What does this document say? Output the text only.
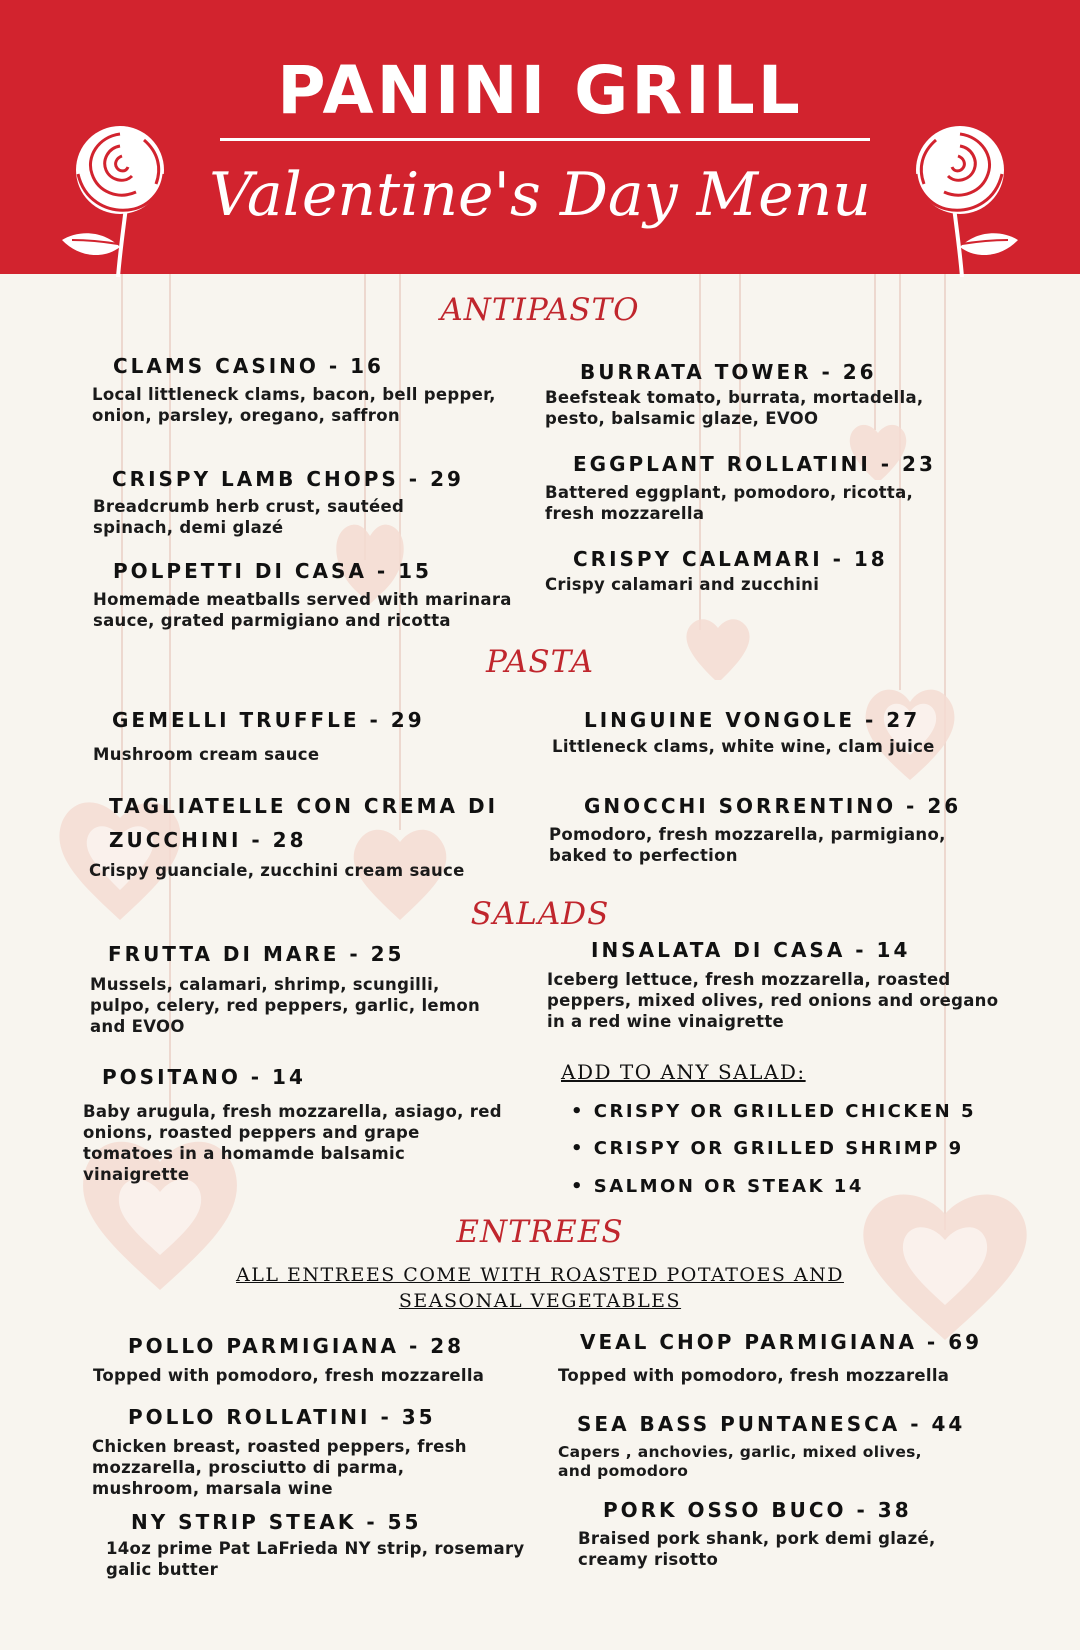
PANINI GRILL
Valentine's Day Menu
ANTIPASTO
CLAMS CASINO - 16
Local littleneck clams, bacon, bell pepper, onion, parsley, oregano, saffron
CRISPY LAMB CHOPS - 29
Breadcrumb herb crust, sautéed spinach, demi glazé
POLPETTI DI CASA - 15
Homemade meatballs served with marinara sauce, grated parmigiano and ricotta
BURRATA TOWER - 26
Beefsteak tomato, burrata, mortadella, pesto, balsamic glaze, EVOO
EGGPLANT ROLLATINI - 23
Battered eggplant, pomodoro, ricotta, fresh mozzarella
CRISPY CALAMARI - 18
Crispy calamari and zucchini
PASTA
GEMELLI TRUFFLE - 29
Mushroom cream sauce
TAGLIATELLE CON CREMA DI
ZUCCHINI - 28
Crispy guanciale, zucchini cream sauce
LINGUINE VONGOLE - 27
Littleneck clams, white wine, clam juice
GNOCCHI SORRENTINO - 26
Pomodoro, fresh mozzarella, parmigiano, baked to perfection
SALADS
FRUTTA DI MARE - 25
Mussels, calamari, shrimp, scungilli, pulpo, celery, red peppers, garlic, lemon and EVOO
POSITANO - 14
Baby arugula, fresh mozzarella, asiago, red onions, roasted peppers and grape tomatoes in a homamde balsamic vinaigrette
INSALATA DI CASA - 14
Iceberg lettuce, fresh mozzarella, roasted peppers, mixed olives, red onions and oregano in a red wine vinaigrette
ADD TO ANY SALAD:
• CRISPY OR GRILLED CHICKEN 5
• CRISPY OR GRILLED SHRIMP 9
• SALMON OR STEAK 14
ENTREES
ALL ENTREES COME WITH ROASTED POTATOES AND SEASONAL VEGETABLES
POLLO PARMIGIANA - 28
Topped with pomodoro, fresh mozzarella
POLLO ROLLATINI - 35
Chicken breast, roasted peppers, fresh mozzarella, prosciutto di parma, mushroom, marsala wine
NY STRIP STEAK - 55
14oz prime Pat LaFrieda NY strip, rosemary galic butter
VEAL CHOP PARMIGIANA - 69
Topped with pomodoro, fresh mozzarella
SEA BASS PUNTANESCA - 44
Capers , anchovies, garlic, mixed olives, and pomodoro
PORK OSSO BUCO - 38
Braised pork shank, pork demi glazé, creamy risotto
